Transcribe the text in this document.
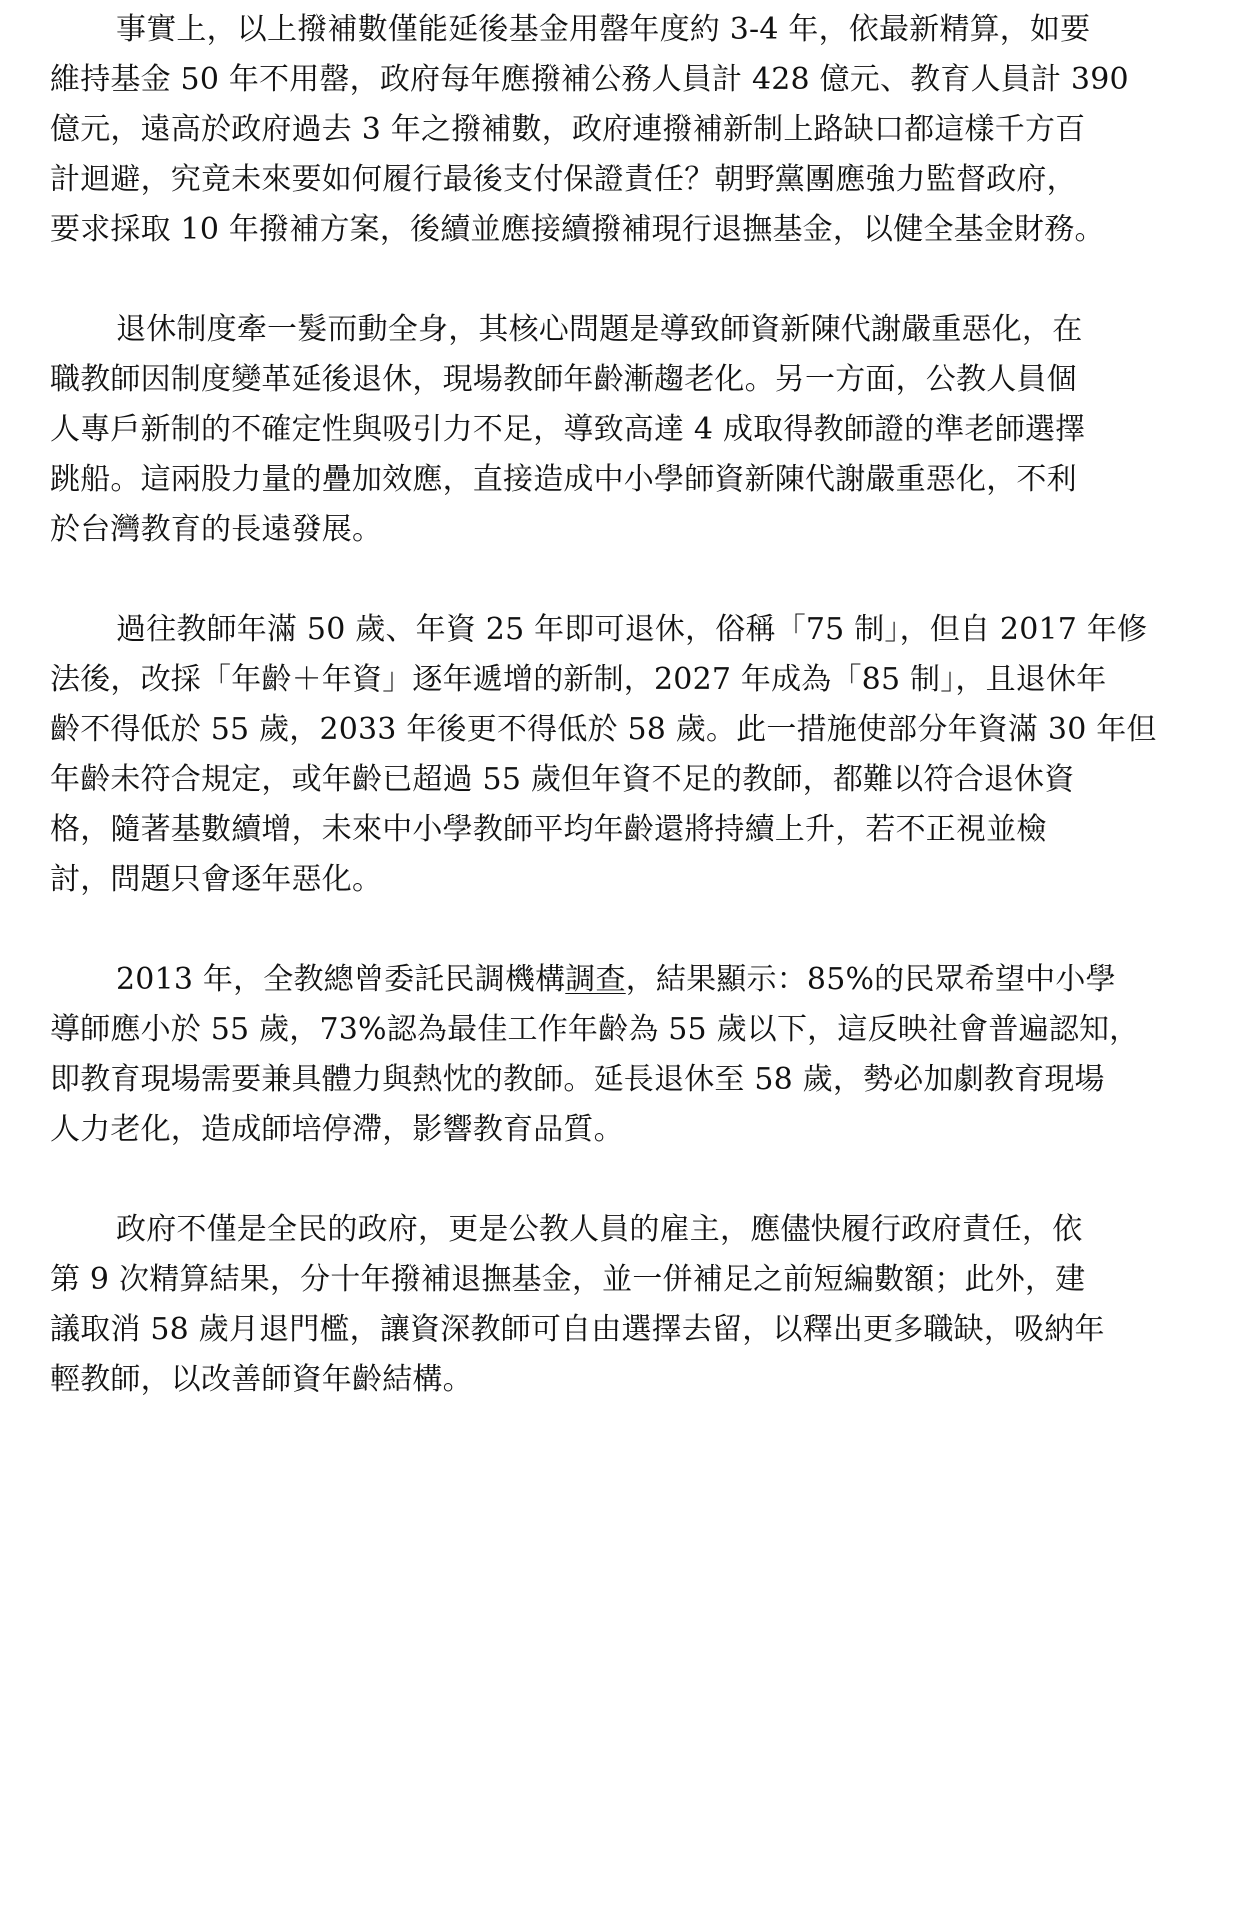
事實上，以上撥補數僅能延後基金用罄年度約 3-4 年，依最新精算，如要
維持基金 50 年不用罄，政府每年應撥補公務人員計 428 億元、教育人員計 390
億元，遠高於政府過去 3 年之撥補數，政府連撥補新制上路缺口都這樣千方百
計迴避，究竟未來要如何履行最後支付保證責任？朝野黨團應強力監督政府，
要求採取 10 年撥補方案，後續並應接續撥補現行退撫基金，以健全基金財務。
退休制度牽一髮而動全身，其核心問題是導致師資新陳代謝嚴重惡化，在
職教師因制度變革延後退休，現場教師年齡漸趨老化。另一方面，公教人員個
人專戶新制的不確定性與吸引力不足，導致高達 4 成取得教師證的準老師選擇
跳船。這兩股力量的疊加效應，直接造成中小學師資新陳代謝嚴重惡化，不利
於台灣教育的長遠發展。
過往教師年滿 50 歲、年資 25 年即可退休，俗稱「75 制」，但自 2017 年修
法後，改採「年齡＋年資」逐年遞增的新制，2027 年成為「85 制」，且退休年
齡不得低於 55 歲，2033 年後更不得低於 58 歲。此一措施使部分年資滿 30 年但
年齡未符合規定，或年齡已超過 55 歲但年資不足的教師，都難以符合退休資
格，隨著基數續增，未來中小學教師平均年齡還將持續上升，若不正視並檢
討，問題只會逐年惡化。
2013 年，全教總曾委託民調機構調查，結果顯示：85%的民眾希望中小學
導師應小於 55 歲，73%認為最佳工作年齡為 55 歲以下，這反映社會普遍認知，
即教育現場需要兼具體力與熱忱的教師。延長退休至 58 歲，勢必加劇教育現場
人力老化，造成師培停滯，影響教育品質。
政府不僅是全民的政府，更是公教人員的雇主，應儘快履行政府責任，依
第 9 次精算結果，分十年撥補退撫基金，並一併補足之前短編數額；此外，建
議取消 58 歲月退門檻，讓資深教師可自由選擇去留，以釋出更多職缺，吸納年
輕教師，以改善師資年齡結構。
